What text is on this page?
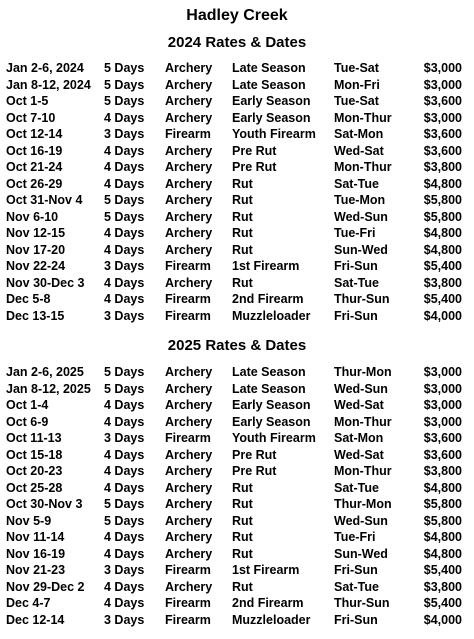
Hadley Creek
2024 Rates & Dates
Jan 2-6, 2024 5 Days Archery Late Season Tue-Sat	$3,000
Jan 8-12, 2024 5 Days Archery Late Season Mon-Fri	$3,000
Oct 1-5	5 Days Archery Early Season Tue-Sat	$3,600
Oct 7-10	4 Days Archery Early Season Mon-Thur	$3,000
Oct 12-14	3 Days Firearm Youth Firearm Sat-Mon	$3,600
Oct 16-19	4 Days Archery Pre Rut	Wed-Sat	$3,600
Oct 21-24	4 Days Archery Pre Rut	Mon-Thur	$3,800
Oct 26-29	4 Days Archery Rut	Sat-Tue	$4,800
Oct 31-Nov 4 5 Days Archery Rut	Tue-Mon	$5,800
Nov 6-10	5 Days Archery Rut	Wed-Sun	$5,800
Nov 12-15	4 Days Archery Rut	Tue-Fri	$4,800
Nov 17-20	4 Days Archery Rut	Sun-Wed	$4,800
Nov 22-24	3 Days Firearm 1st Firearm	Fri-Sun	$5,400
Nov 30-Dec 3 4 Days Archery Rut	Sat-Tue	$3,800
Dec 5-8	4 Days Firearm 2nd Firearm Thur-Sun	$5,400
Dec 13-15	3 Days Firearm Muzzleloader Fri-Sun	$4,000
2025 Rates & Dates
Jan 2-6, 2025 5 Days Archery Late Season Thur-Mon	$3,000
Jan 8-12, 2025 5 Days Archery Late Season Wed-Sun	$3,000
Oct 1-4	4 Days Archery Early Season Wed-Sat	$3,000
Oct 6-9	4 Days Archery Early Season Mon-Thur	$3,000
Oct 11-13	3 Days Firearm Youth Firearm Sat-Mon	$3,600
Oct 15-18	4 Days Archery Pre Rut	Wed-Sat	$3,600
Oct 20-23	4 Days Archery Pre Rut	Mon-Thur	$3,800
Oct 25-28	4 Days Archery Rut	Sat-Tue	$4,800
Oct 30-Nov 3 5 Days Archery Rut	Thur-Mon	$5,800
Nov 5-9	5 Days Archery Rut	Wed-Sun	$5,800
Nov 11-14	4 Days Archery Rut	Tue-Fri	$4,800
Nov 16-19	4 Days Archery Rut	Sun-Wed	$4,800
Nov 21-23	3 Days Firearm 1st Firearm	Fri-Sun	$5,400
Nov 29-Dec 2 4 Days Archery Rut	Sat-Tue	$3,800
Dec 4-7	4 Days Firearm 2nd Firearm Thur-Sun	$5,400
Dec 12-14	3 Days Firearm Muzzleloader Fri-Sun	$4,000
